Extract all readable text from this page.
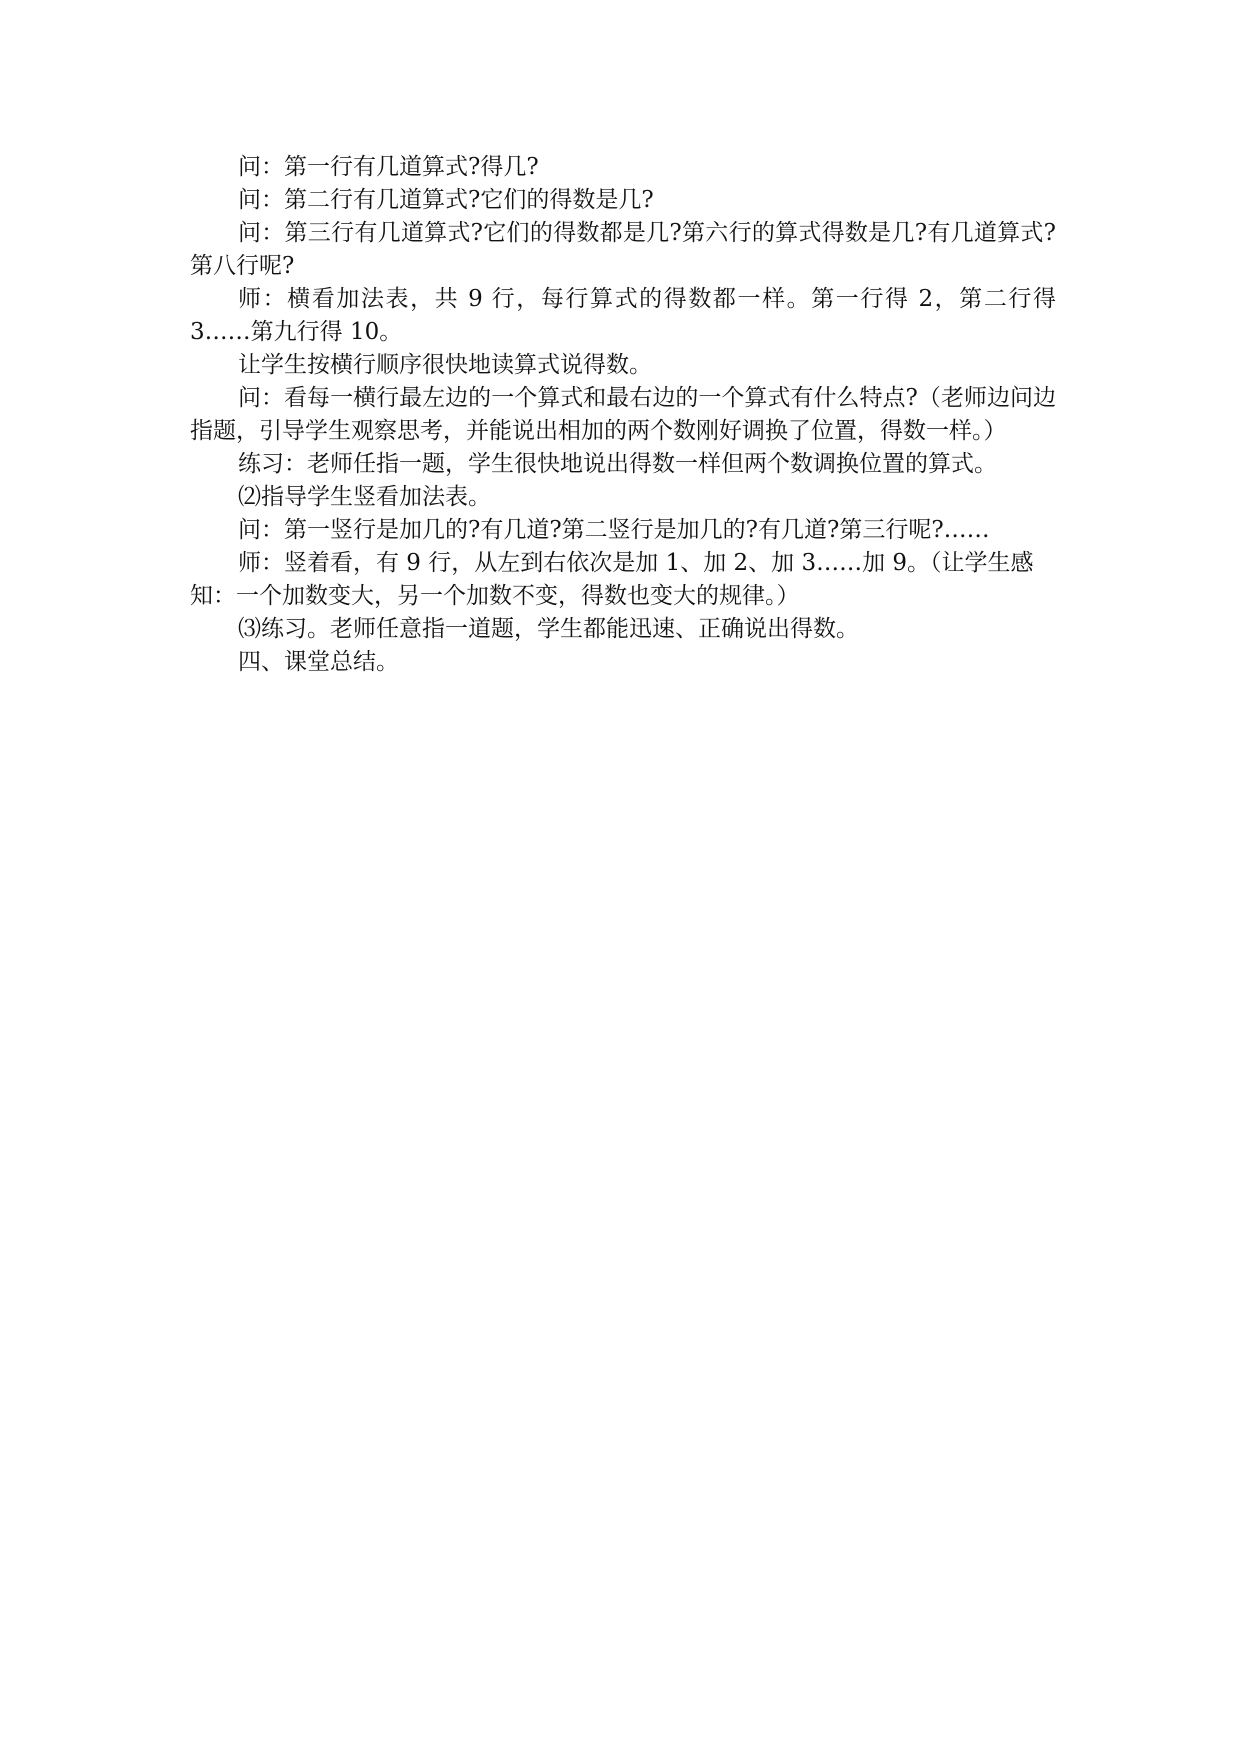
问：第一行有几道算式?得几?

问：第二行有几道算式?它们的得数是几?

问：第三行有几道算式?它们的得数都是几?第六行的算式得数是几?有几道算式?第八行呢?

师：横看加法表，共 9 行，每行算式的得数都一样。第一行得 2，第二行得 3……第九行得 10。

让学生按横行顺序很快地读算式说得数。

问：看每一横行最左边的一个算式和最右边的一个算式有什么特点?（老师边问边指题，引导学生观察思考，并能说出相加的两个数刚好调换了位置，得数一样。）

练习：老师任指一题，学生很快地说出得数一样但两个数调换位置的算式。

⑵指导学生竖看加法表。

问：第一竖行是加几的?有几道?第二竖行是加几的?有几道?第三行呢?……

师：竖着看，有 9 行，从左到右依次是加 1、加 2、加 3……加 9。（让学生感

知：一个加数变大，另一个加数不变，得数也变大的规律。）

⑶练习。老师任意指一道题，学生都能迅速、正确说出得数。

四、课堂总结。
